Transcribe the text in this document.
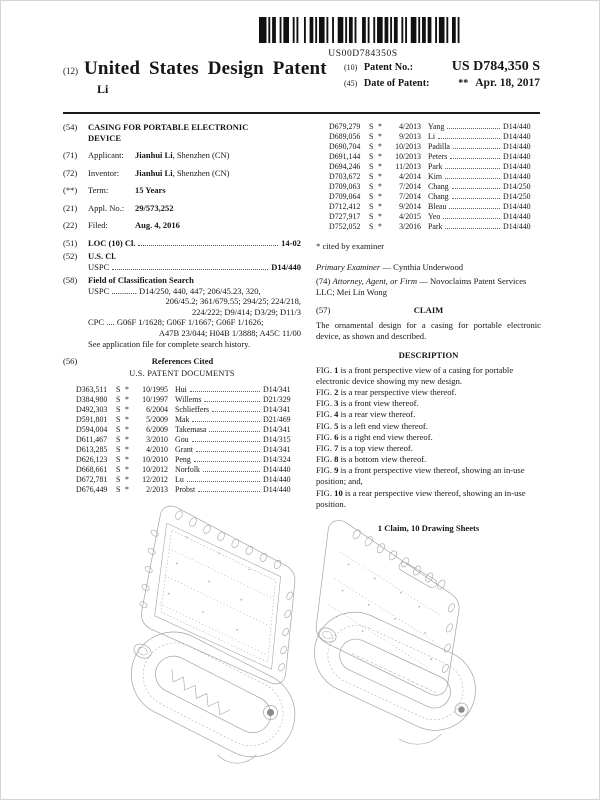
US00D784350S
(12) United States Design Patent
Li
(10) Patent No.:	US D784,350 S
(45) Date of Patent:	** Apr. 18, 2017
(54)	CASING FOR PORTABLE ELECTRONIC DEVICE
(71)	Applicant: Jianhui Li, Shenzhen (CN)
(72)	Inventor: Jianhui Li, Shenzhen (CN)
(**)	Term:	15 Years
(21)	Appl. No.: 29/573,252
(22)	Filed:	Aug. 4, 2016
(51)	LOC (10) Cl.	14-02
(52)	U.S. Cl.
USPC	D14/440
(58)	Field of Classification Search
USPC ............ D14/250, 440, 447; 206/45.23, 320,
206/45.2; 361/679.55; 294/25; 224/218,
224/222; D9/414; D3/29; D11/3
CPC .... G06F 1/1628; G06F 1/1667; G06F 1/1626;
A47B 23/044; H04B 1/3888; A45C 11/00
See application file for complete search history.
(56)	References Cited
U.S. PATENT DOCUMENTS
D363,511	S *	10/1995 Hui	D14/341
D384,980	S *	10/1997 Willems	D21/329
D492,303	S *	6/2004 Schlieffers	D14/341
D591,801	S *	5/2009 Mak	D21/469
D594,004	S *	6/2009 Takemasa	D14/341
D611,467	S *	3/2010 Gou	D14/315
D613,285	S *	4/2010 Grant	D14/341
D626,123	S *	10/2010 Peng	D14/324
D668,661	S *	10/2012 Norfolk	D14/440
D672,781	S *	12/2012 Lu	D14/440
D676,449	S *	2/2013 Probst	D14/440
D679,279	S *	4/2013 Yang	D14/440
D689,056	S *	9/2013 Li	D14/440
D690,704	S *	10/2013 Padilla	D14/440
D691,144	S *	10/2013 Peters	D14/440
D694,246	S *	11/2013 Park	D14/440
D703,672	S *	4/2014 Kim	D14/440
D709,063	S *	7/2014 Chang	D14/250
D709,064	S *	7/2014 Chang	D14/250
D712,412	S *	9/2014 Bleau	D14/440
D727,917	S *	4/2015 Yeo	D14/440
D752,052	S *	3/2016 Park	D14/440
* cited by examiner
Primary Examiner — Cynthia Underwood
(74) Attorney, Agent, or Firm — Novoclaims Patent Services LLC; Mei Lin Wong
(57)	CLAIM
The ornamental design for a casing for portable electronic device, as shown and described.
DESCRIPTION

FIG. 1 is a front perspective view of a casing for portable electronic device showing my new design.

FIG. 2 is a rear perspective view thereof.

FIG. 3 is a front view thereof.

FIG. 4 is a rear view thereof.

FIG. 5 is a left end view thereof.

FIG. 6 is a right end view thereof.

FIG. 7 is a top view thereof.

FIG. 8 is a bottom view thereof.

FIG. 9 is a front perspective view thereof, showing an in-use position; and,

FIG. 10 is a rear perspective view thereof, showing an in-use position.

1 Claim, 10 Drawing Sheets
